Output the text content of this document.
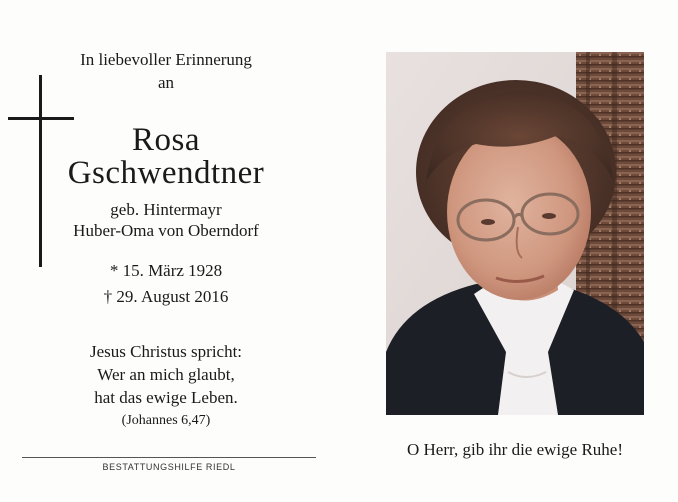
In liebevoller Erinnerung
an
Rosa
Gschwendtner
geb. Hintermayr
Huber-Oma von Oberndorf
* 15. März 1928
† 29. August 2016
Jesus Christus spricht:
Wer an mich glaubt,
hat das ewige Leben.
(Johannes 6,47)
BESTATTUNGSHILFE RIEDL
O Herr, gib ihr die ewige Ruhe!
